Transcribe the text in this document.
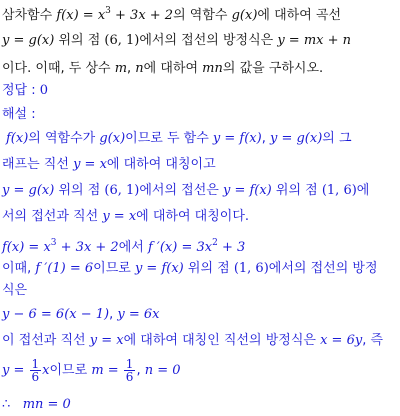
삼차함수 $f(x) = x^3 + 3x + 2$의 역함수 g(x)에 대하여 곡선
y = g(x) 위의 점 (6, 1)에서의 접선의 방정식은 y = mx + n
이다. 이때, 두 상수 m, n에 대하여 mn의 값을 구하시오.
정답 : 0
해설 :
f(x)의 역함수가 g(x)이므로 두 함수 y = f(x), y = g(x)의 그
래프는 직선 y = x에 대하여 대칭이고
y = g(x) 위의 점 (6, 1)에서의 접선은 y = f(x) 위의 점 (1, 6)에
서의 접선과 직선 y = x에 대하여 대칭이다.
$f(x) = x^3 + 3x + 2$에서 f $'(x) = 3x^2 + 3$
이때, f ′(1) = 6이므로 y = f(x) 위의 점 (1, 6)에서의 접선의 방정
식은
y − 6 = 6(x − 1), y = 6x
이 접선과 직선 y = x에 대하여 대칭인 직선의 방정식은 x = 6y, 즉
$y = \frac{1}{6}$ x이므로 $m = \frac{1}{6}$ , n = 0
∴ mn = 0
